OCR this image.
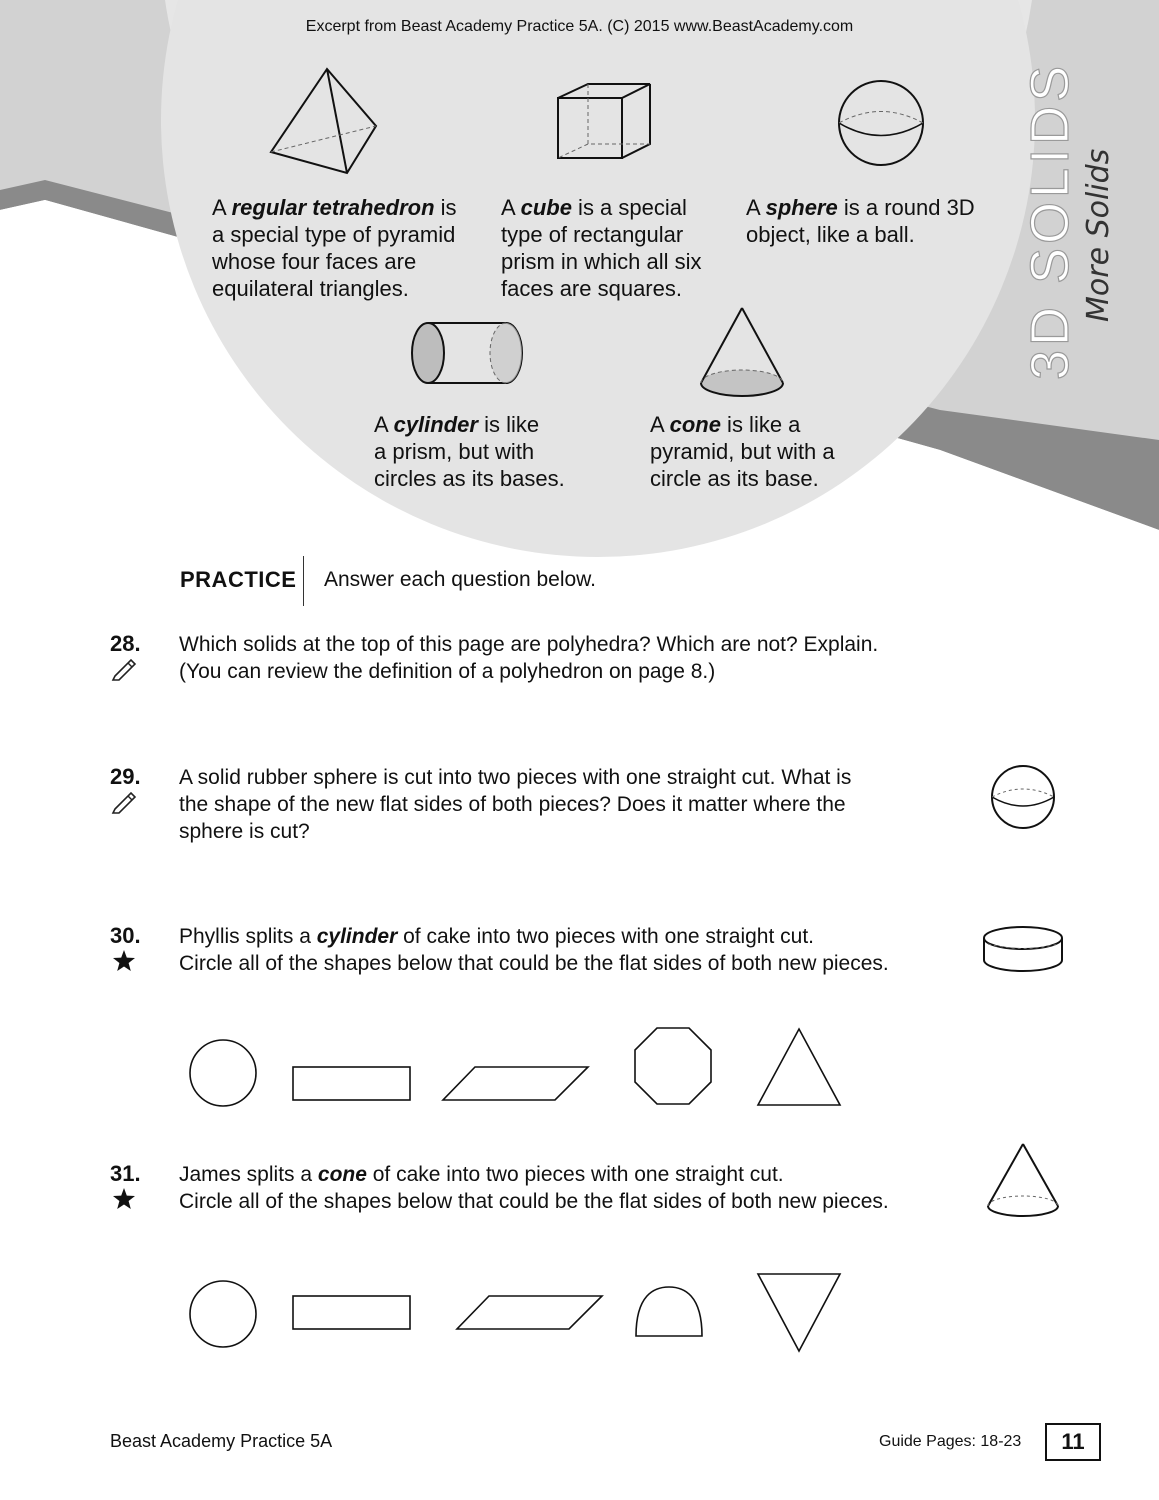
Excerpt from Beast Academy Practice 5A. (C) 2015 www.BeastAcademy.com
3D SOLIDS More Solids
A regular tetrahedron is
a special type of pyramid
whose four faces are
equilateral triangles.
A cube is a special
type of rectangular
prism in which all six
faces are squares.
A sphere is a round 3D
object, like a ball.
A cylinder is like
a prism, but with
circles as its bases.
A cone is like a
pyramid, but with a
circle as its base.
PRACTICE Answer each question below.
28. Which solids at the top of this page are polyhedra? Which are not? Explain.
(You can review the definition of a polyhedron on page 8.)
29. A solid rubber sphere is cut into two pieces with one straight cut. What is
the shape of the new flat sides of both pieces? Does it matter where the
sphere is cut?
30. Phyllis splits a cylinder of cake into two pieces with one straight cut.
Circle all of the shapes below that could be the flat sides of both new pieces.
31. James splits a cone of cake into two pieces with one straight cut.
Circle all of the shapes below that could be the flat sides of both new pieces.
Beast Academy Practice 5A	Guide Pages: 18-23	11
